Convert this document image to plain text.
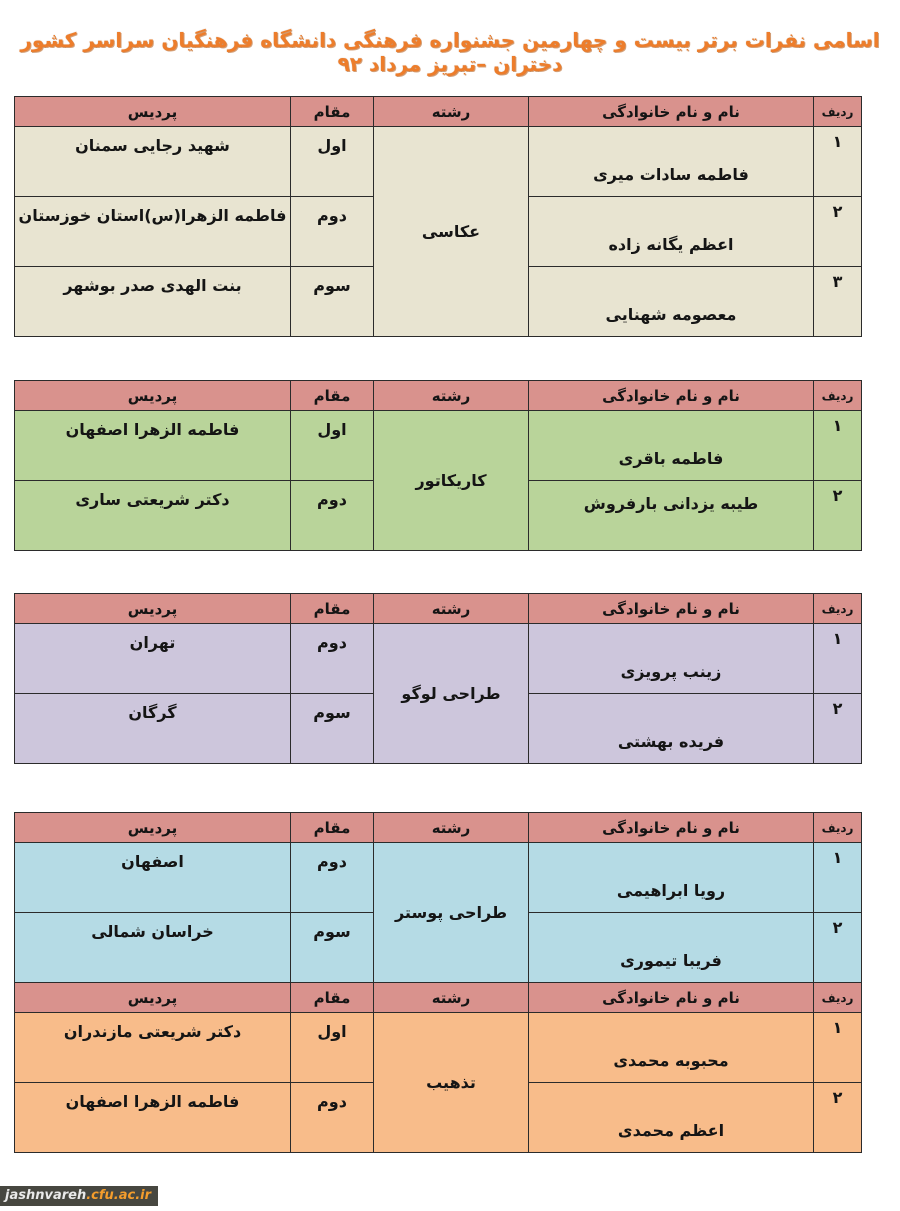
اسامی نفرات برتر بیست و چهارمین جشنواره فرهنگی دانشگاه فرهنگیان سراسر کشور دختران –تبریز مرداد ۹۲
ردیف	نام و نام خانوادگی	رشته	مقام	پردیس
۱	فاطمه سادات میری	عکاسی	اول	شهید رجایی سمنان
۲	اعظم یگانه زاده		دوم	فاطمه الزهرا(س)استان خوزستان
۳	معصومه شهنایی		سوم	بنت الهدی صدر بوشهر
ردیف	نام و نام خانوادگی	رشته	مقام	پردیس
۱	فاطمه باقری	کاریکاتور	اول	فاطمه الزهرا اصفهان
۲	طیبه یزدانی بارفروش		دوم	دکتر شریعتی ساری
ردیف	نام و نام خانوادگی	رشته	مقام	پردیس
۱	زینب پرویزی	طراحی لوگو	دوم	تهران
۲	فریده بهشتی		سوم	گرگان
ردیف	نام و نام خانوادگی	رشته	مقام	پردیس
۱	رویا ابراهیمی	طراحی پوستر	دوم	اصفهان
۲	فریبا تیموری		سوم	خراسان شمالی
ردیف	نام و نام خانوادگی	رشته	مقام	پردیس
۱	محبوبه محمدی	تذهیب	اول	دکتر شریعتی مازندران
۲	اعظم محمدی		دوم	فاطمه الزهرا اصفهان
jashnvareh.cfu.ac.ir
